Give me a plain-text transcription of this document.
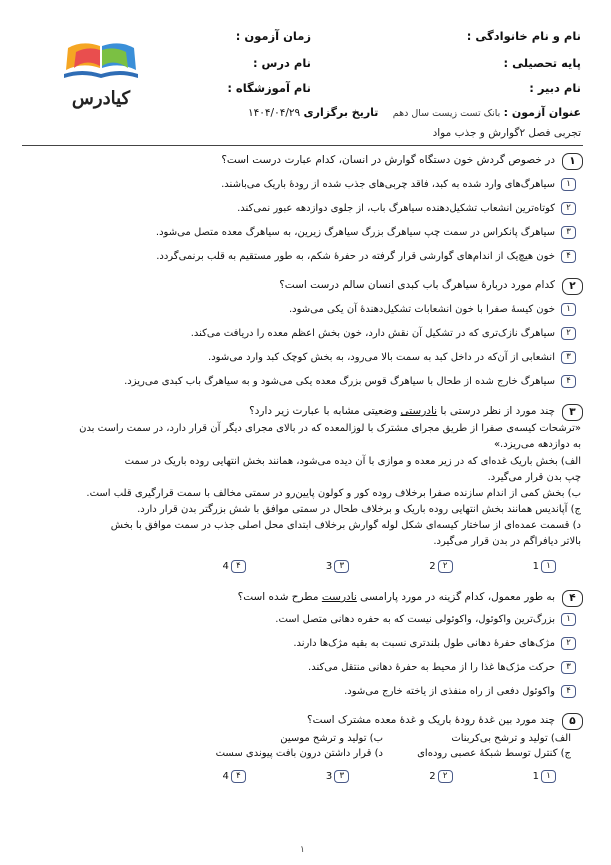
نام و نام خانوادگی :
زمان آزمون :
پایه تحصیلی :
نام درس :
نام دبیر :
نام آموزشگاه :
کیادرس
عنوان آزمون : بانک تست زیست سال دهم
تاریخ برگزاری ۱۴۰۴/۰۴/۲۹
تجربی فصل ۲گوارش و جذب مواد
۱
در خصوص گردش خون دستگاه گوارش در انسان، کدام عبارت درست است؟
۱
سیاهرگ‌های وارد شده به کبد، فاقد چربی‌های جذب شده از رودهٔ باریک می‌باشند.
۲
کوتاه‌ترین انشعاب تشکیل‌دهنده سیاهرگ باب، از جلوی دوازدهه عبور نمی‌کند.
۳
سیاهرگ پانکراس در سمت چپ سیاهرگ بزرگ سیاهرگ زیرین، به سیاهرگ معده متصل می‌شود.
۴
خون هیچ‌یک از اندام‌های گوارشی قرار گرفته در حفرهٔ شکم، به طور مستقیم به قلب برنمی‌گردد.
۲
کدام مورد دربارهٔ سیاهرگ باب کبدی انسان سالم درست است؟
۱
خون کیسهٔ صفرا با خون انشعابات تشکیل‌دهندهٔ آن یکی می‌شود.
۲
سیاهرگ نازک‌تری که در تشکیل آن نقش دارد، خون بخش اعظم معده را دریافت می‌کند.
۳
انشعابی از آن‌که در داخل کبد به سمت بالا می‌رود، به بخش کوچک کبد وارد می‌شود.
۴
سیاهرگ خارج شده از طحال با سیاهرگ قوس بزرگ معده یکی می‌شود و به سیاهرگ باب کبدی می‌ریزد.
۳
چند مورد از نظر درستی با نادرستی وضعیتی مشابه با عبارت زیر دارد؟
«ترشحات کیسه‌ی صفرا از طریق مجرای مشترک با لوزالمعده که در بالای مجرای دیگر آن قرار دارد، در سمت راست بدن
به دوازدهه می‌ریزد.»
الف) بخش باریک غده‌ای که در زیر معده و موازی با آن دیده می‌شود، همانند بخش انتهایی روده باریک در سمت
چپ بدن قرار می‌گیرد.
ب) بخش کمی از اندام سازنده صفرا برخلاف روده کور و کولون پایین‌رو در سمتی مخالف با سمت قرارگیری قلب است.
ج) آپاندیس همانند بخش انتهایی روده باریک و برخلاف طحال در سمتی موافق با شش بزرگتر بدن قرار دارد.
د) قسمت عمده‌ای از ساختار کیسه‌ای شکل لوله گوارش برخلاف ابتدای محل اصلی جذب در سمت موافق با بخش
بالاتر دیافراگم در بدن قرار می‌گیرد.
۱
1
۲
2
۳
3
۴
4
۴
به طور معمول، کدام گزینه در مورد پارامسی نادرست مطرح شده است؟
۱
بزرگ‌ترین واکوئول، واکوئولی نیست که به حفره دهانی متصل است.
۲
مژک‌های حفرهٔ دهانی طول بلندتری نسبت به بقیه مژک‌ها دارند.
۳
حرکت مژک‌ها غذا را از محیط به حفرهٔ دهانی منتقل می‌کند.
۴
واکوئول دفعی از راه منفذی از یاخته خارج می‌شود.
۵
چند مورد بین غدهٔ رودهٔ باریک و غدهٔ معده مشترک است؟
الف) تولید و ترشح بی‌کربنات
ب) تولید و ترشح موسین
ج) کنترل توسط شبکهٔ عصبی روده‌ای
د) قرار داشتن درون بافت پیوندی سست
۱
1
۲
2
۳
3
۴
4
۱
